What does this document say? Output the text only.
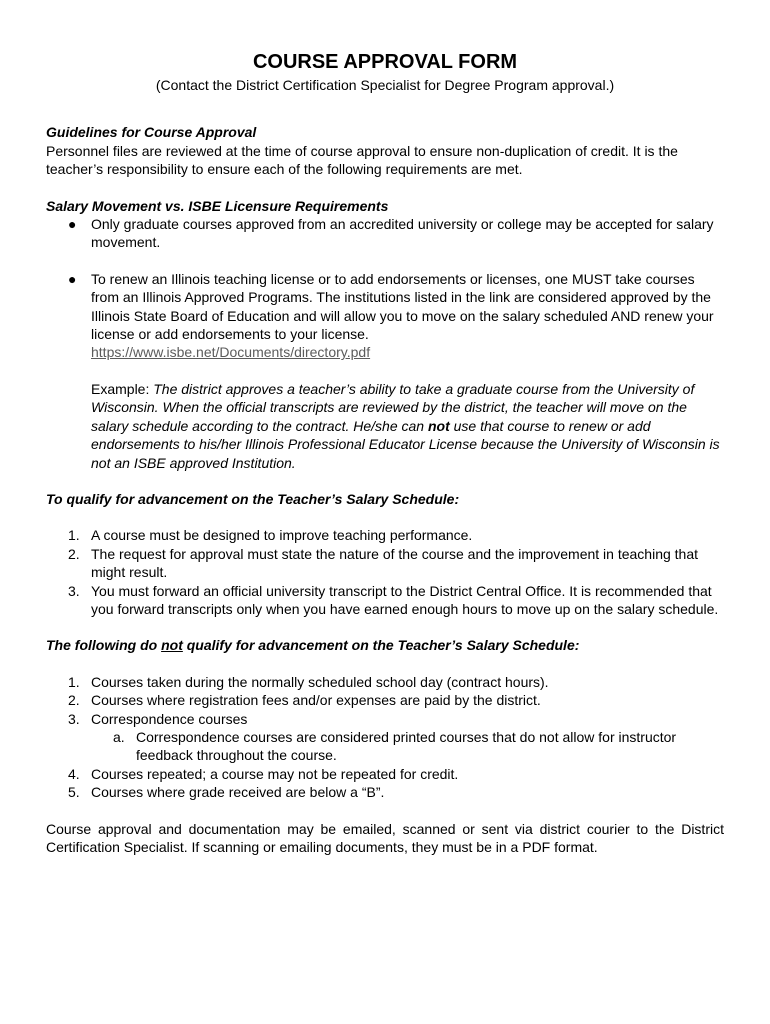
COURSE APPROVAL FORM

(Contact the District Certification Specialist for Degree Program approval.)

Guidelines for Course Approval

Personnel files are reviewed at the time of course approval to ensure non-duplication of credit. It is the teacher’s responsibility to ensure each of the following requirements are met.

Salary Movement vs. ISBE Licensure Requirements

● Only graduate courses approved from an accredited university or college may be accepted for salary movement.
● To renew an Illinois teaching license or to add endorsements or licenses, one MUST take courses from an Illinois Approved Programs. The institutions listed in the link are considered approved by the Illinois State Board of Education and will allow you to move on the salary scheduled AND renew your license or add endorsements to your license.
https://www.isbe.net/Documents/directory.pdf

Example: The district approves a teacher’s ability to take a graduate course from the University of Wisconsin. When the official transcripts are reviewed by the district, the teacher will move on the salary schedule according to the contract. He/she can not use that course to renew or add endorsements to his/her Illinois Professional Educator License because the University of Wisconsin is not an ISBE approved Institution.

To qualify for advancement on the Teacher’s Salary Schedule:

1. A course must be designed to improve teaching performance.
2. The request for approval must state the nature of the course and the improvement in teaching that might result.
3. You must forward an official university transcript to the District Central Office. It is recommended that you forward transcripts only when you have earned enough hours to move up on the salary schedule.

The following do not qualify for advancement on the Teacher’s Salary Schedule:

1. Courses taken during the normally scheduled school day (contract hours).
2. Courses where registration fees and/or expenses are paid by the district.
3. Correspondence courses
a. Correspondence courses are considered printed courses that do not allow for instructor feedback throughout the course.
4. Courses repeated; a course may not be repeated for credit.
5. Courses where grade received are below a “B”.

Course approval and documentation may be emailed, scanned or sent via district courier to the District Certification Specialist. If scanning or emailing documents, they must be in a PDF format.
